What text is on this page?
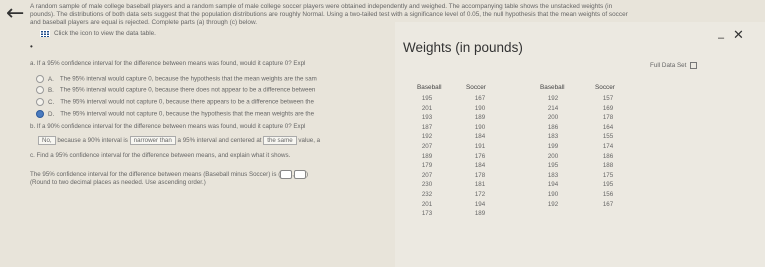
← A random sample of male college baseball players and a random sample of male college soccer players were obtained independently and weighed. The accompanying table shows the unstacked weights (in
pounds). The distributions of both data sets suggest that the population distributions are roughly Normal. Using a two-tailed test with a significance level of 0.05, the null hypothesis that the mean weights of soccer
and baseball players are equal is rejected. Complete parts (a) through (c) below.
Click the icon to view the data table.
•
a. If a 95% confidence interval for the difference between means was found, would it capture 0? Expl
A. The 95% interval would capture 0, because the hypothesis that the mean weights are the sam
B. The 95% interval would capture 0, because there does not appear to be a difference between
C. The 95% interval would not capture 0, because there appears to be a difference between the
D. The 95% interval would not capture 0, because the hypothesis that the mean weights are the
b. If a 90% confidence interval for the difference between means was found, would it capture 0? Expl
No, because a 90% interval is narrower than a 95% interval and centered at the same value, a
c. Find a 95% confidence interval for the difference between means, and explain what it shows.
The 95% confidence interval for the difference between means (Baseball minus Soccer) is (	)
(Round to two decimal places as needed. Use ascending order.)
Weights (in pounds)
– ✕
Full Data Set
Baseball	Soccer	Baseball	Soccer
195	167	192	157
201	190	214	169
193	189	200	178
187	190	186	164
192	184	183	155
207	191	199	174
189	176	200	186
179	184	195	188
207	178	183	175
230	181	194	195
232	172	190	156
201	194	192	167
173	189
